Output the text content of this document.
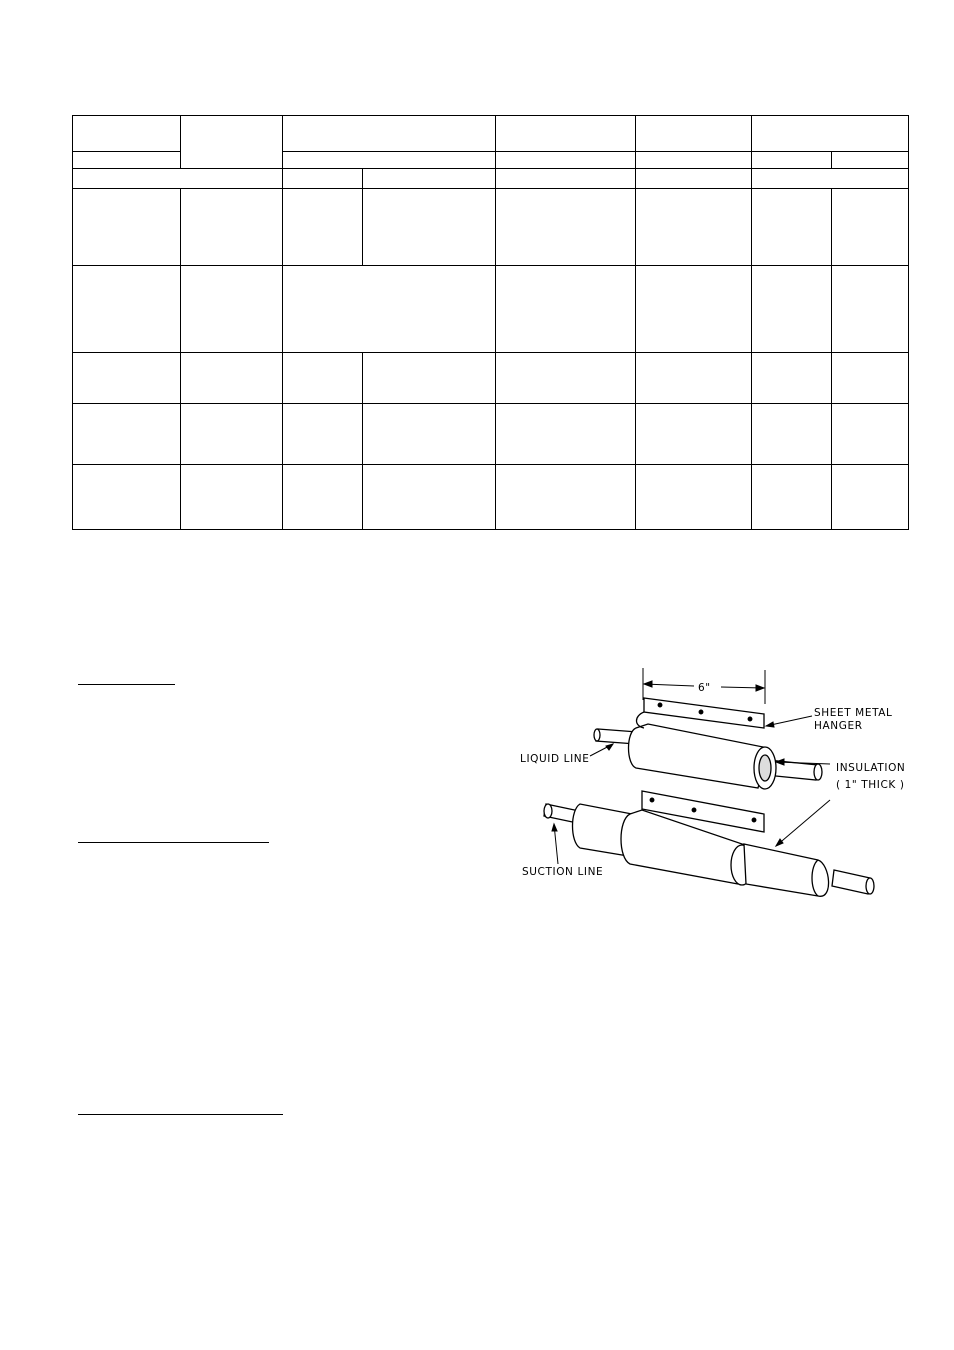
6"
SHEET METAL
HANGER
LIQUID LINE
INSULATION
( 1" THICK )
SUCTION LINE
